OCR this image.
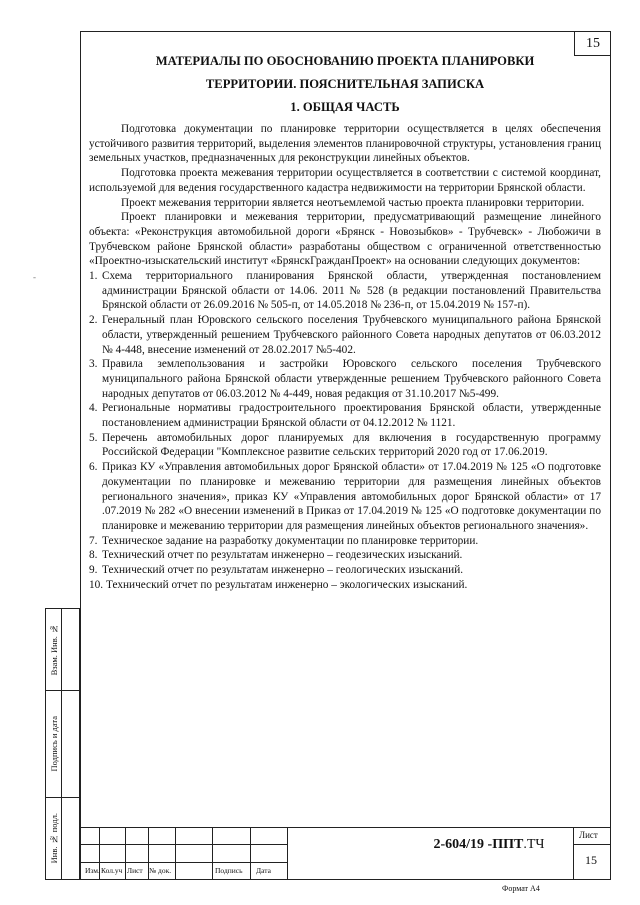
15

МАТЕРИАЛЫ ПО ОБОСНОВАНИЮ ПРОЕКТА ПЛАНИРОВКИ

ТЕРРИТОРИИ. ПОЯСНИТЕЛЬНАЯ ЗАПИСКА

1. ОБЩАЯ ЧАСТЬ

Подготовка документации по планировке территории осуществляется в целях обеспечения устойчивого развития территорий, выделения элементов планировочной структуры, установления границ земельных участков, предназначенных для реконструкции линейных объектов.

Подготовка проекта межевания территории осуществляется в соответствии с системой координат, используемой для ведения государственного кадастра недвижимости на территории Брянской области.

Проект межевания территории является неотъемлемой частью проекта планировки территории.

Проект планировки и межевания территории, предусматривающий размещение линейного объекта: «Реконструкция автомобильной дороги «Брянск - Новозыбков» - Трубчевск» - Любожичи в Трубчевском районе Брянской области» разработаны обществом с ограниченной ответственностью «Проектно-изыскательский институт «БрянскГражданПроект» на основании следующих документов:

1. Схема территориального планирования Брянской области, утвержденная постановлением администрации Брянской области от 14.06. 2011 № 528 (в редакции постановлений Правительства Брянской области от 26.09.2016 № 505-п, от 14.05.2018 № 236-п, от 15.04.2019 № 157-п).
2. Генеральный план Юровского сельского поселения Трубчевского муниципального района Брянской области, утвержденный решением Трубчевского районного Совета народных депутатов от 06.03.2012 № 4-448, внесение изменений от 28.02.2017 №5-402.
3. Правила землепользования и застройки Юровского сельского поселения Трубчевского муниципального района Брянской области утвержденные решением Трубчевского районного Совета народных депутатов от 06.03.2012 № 4-449, новая редакция от 31.10.2017 №5-499.
4. Региональные нормативы градостроительного проектирования Брянской области, утвержденные постановлением администрации Брянской области от 04.12.2012 № 1121.
5. Перечень автомобильных дорог планируемых для включения в государственную программу Российской Федерации "Комплексное развитие сельских территорий 2020 год от 17.06.2019.
6. Приказ КУ «Управления автомобильных дорог Брянской области» от 17.04.2019 № 125 «О подготовке документации по планировке и межеванию территории для размещения линейных объектов регионального значения», приказ КУ «Управления автомобильных дорог Брянской области» от 17 .07.2019 № 282 «О внесении изменений в Приказ от 17.04.2019 № 125 «О подготовке документации по планировке и межеванию территории для размещения линейных объектов регионального значения».
7. Техническое задание на разработку документации по планировке территории.
8. Технический отчет по результатам инженерно – геодезических изысканий.
9. Технический отчет по результатам инженерно – геологических изысканий.
10. Технический отчет по результатам инженерно – экологических изысканий.
-
Взам. Инв. №
Подпись и дата
Инв. № подл.	2-604/19 -ППТ.ТЧ
Изм. Кол.уч Лист № док.	Подпись Дата
Лист
15
Формат А4
